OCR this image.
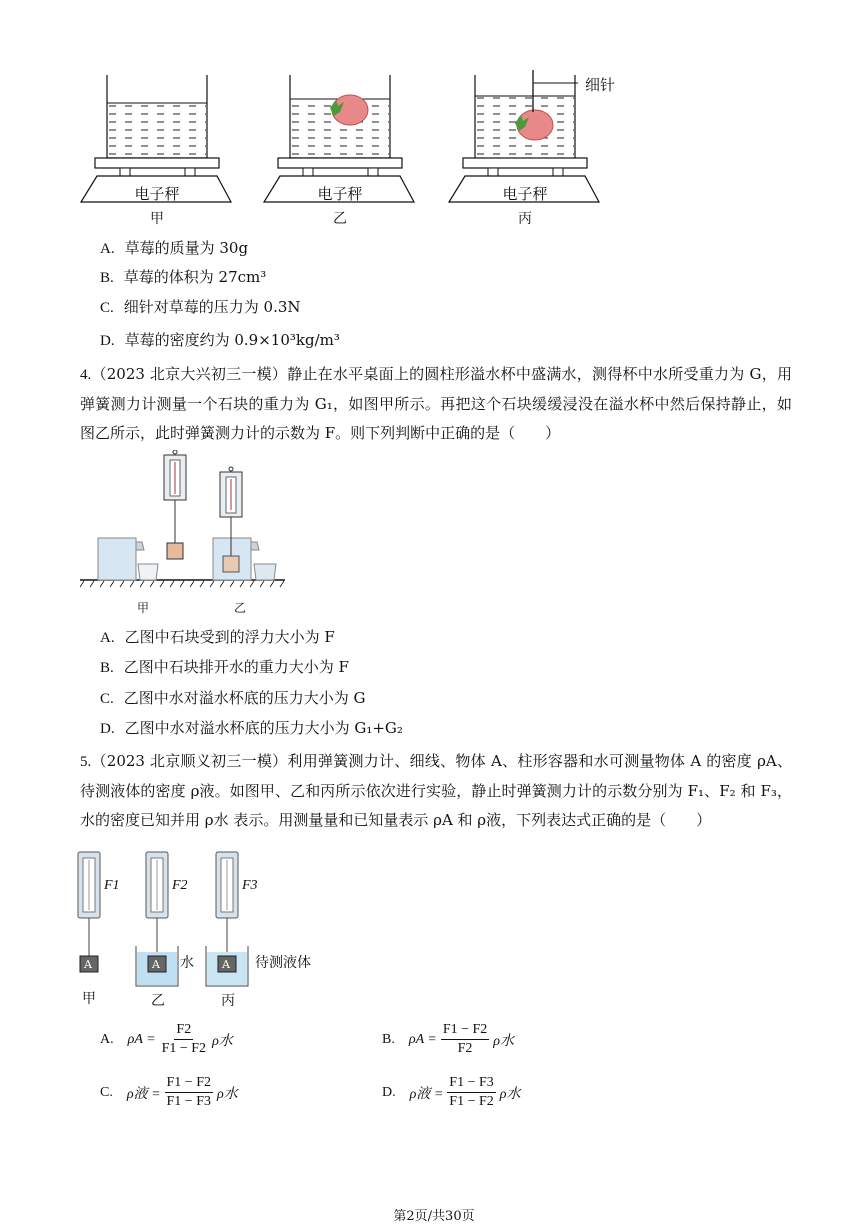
细针
电子秤	电子秤	电子秤
甲	乙	丙
A. 草莓的质量为 30g
B. 草莓的体积为 27cm³
C. 细针对草莓的压力为 0.3N
D. 草莓的密度约为 0.9×10³kg/m³
4.（2023 北京大兴初三一模）静止在水平桌面上的圆柱形溢水杯中盛满水，测得杯中水所受重力为 G，用弹簧测力计测量一个石块的重力为 G₁，如图甲所示。再把这个石块缓缓浸没在溢水杯中然后保持静止，如图乙所示，此时弹簧测力计的示数为 F。则下列判断中正确的是（　　）
甲	乙
A. 乙图中石块受到的浮力大小为 F
B. 乙图中石块排开水的重力大小为 F
C. 乙图中水对溢水杯底的压力大小为 G
D. 乙图中水对溢水杯底的压力大小为 G₁+G₂
5.（2023 北京顺义初三一模）利用弹簧测力计、细线、物体 A、柱形容器和水可测量物体 A 的密度 ρA、待测液体的密度 ρ液。如图甲、乙和丙所示依次进行实验，静止时弹簧测力计的示数分别为 F₁、F₂ 和 F₃，水的密度已知并用 ρ水 表示。用测量量和已知量表示 ρA 和 ρ液，下列表达式正确的是（　　）
F1	F2	F3
A	A	A
水	待测液体
甲	乙	丙
A. $\rho A = \frac{F2}{F1 - F2}$ ρ水	B. $\rho A = \frac{F1 - F2}{F2}$ ρ水
C. ρ液 = $\frac{F1 - F2}{F1 - F3}$ ρ水	D. ρ液 = $\frac{F1 - F3}{F1 - F2}$ ρ水
第2页/共30页
